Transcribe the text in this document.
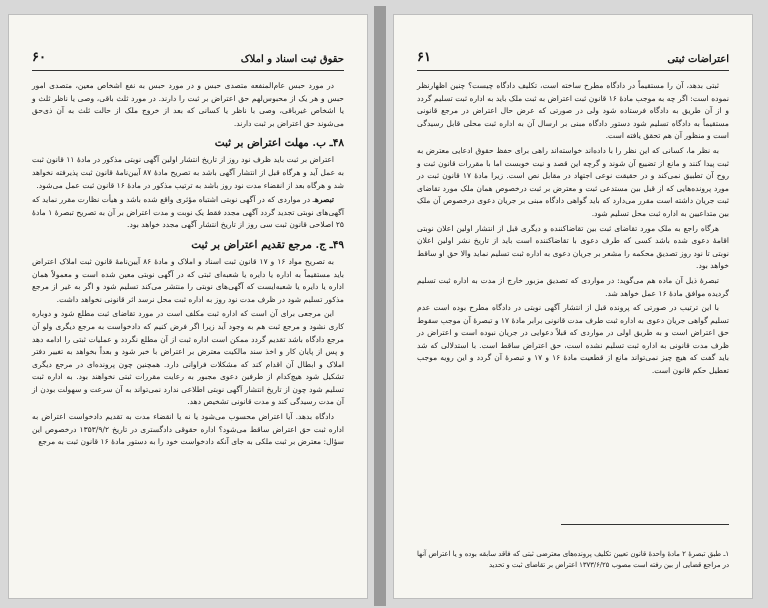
۶۰	حقوق ثبت اسناد و املاک

در مورد حبس عام‌المنفعه متصدی حبس و در مورد حبس به نفع اشخاص معین، متصدی امور حبس و هر یک از محبوس‌لهم حق اعتراض بر ثبت را دارند. در مورد ثلث باقی، وصی یا ناظر ثلث و یا اشخاص غیرباقی، وصی با ناظر یا کسانی که بعد از خروج ملک از حالت ثلث به آن ذی‌حق می‌شوند حق اعتراض بر ثبت دارند.

۴۸ـ ب‌. مهلت اعتراض بر ثبت

اعتراض بر ثبت باید ظرف نود روز از تاریخ انتشار اولین آگهی نوبتی مذکور در مادهٔ ۱۱ قانون ثبت به عمل آید و هرگاه قبل از انتشار آگهی باشد به تصریح مادهٔ ۸۷ آیین‌نامهٔ قانون ثبت پذیرفته نخواهد شد و هرگاه بعد از انقضاء مدت نود روز باشد به ترتیب مذکور در مادهٔ ۱۶ قانون ثبت عمل می‌شود.

تبصرهـ در مواردی که در آگهی نوبتی اشتباه مؤثری واقع شده باشد و هیأت نظارت مقرر نماید که آگهی‌های نوبتی تجدید گردد آگهی مجدد فقط یک نوبت و مدت اعتراض بر آن به تصریح تبصرهٔ ۱ مادهٔ ۲۵ اصلاحی قانون ثبت سی روز از تاریخ انتشار آگهی مجدد خواهد بود.

۴۹ـ ج‌. مرجع تقدیم اعتراض بر ثبت

به تصریح مواد ۱۶ و ۱۷ قانون ثبت اسناد و املاک و مادهٔ ۸۶ آیین‌نامهٔ قانون ثبت املاک اعتراض باید مستقیماً به اداره یا دایره یا شعبه‌ای ثبتی که در آگهی نوبتی معین شده است و معمولاً همان اداره یا دایره یا شعبه‌ایست که آگهی‌های نوبتی را منتشر می‌کند تسلیم شود و اگر به غیر از مرجع مذکور تسلیم شود در ظرف مدت نود روز به اداره ثبت محل نرسد اثر قانونی نخواهد داشت.

این مرجعی برای آن است که اداره ثبت مکلف است در مورد تقاضای ثبت مطلع شود و دوباره کاری نشود و مرجع ثبت هم به وجود آید زیرا اگر فرض کنیم که دادخواست به مرجع دیگری ولو آن مرجع دادگاه باشد تقدیم گردد ممکن است اداره ثبت از آن مطلع نگردد و عملیات ثبتی را ادامه دهد و پس از پایان کار و اخذ سند مالکیت معترض بر اعتراض با خبر شود و بعداً بخواهد به تغییر دفتر املاک و ابطال آن اقدام کند که مشکلات فراوانی دارد. همچنین چون پرونده‌ای در مرجع دیگری تشکیل شود هیچ‌کدام از طرفین دعوی مجبور به رعایت مقررات ثبتی نخواهند بود. به اداره ثبت تسلیم شود چون از تاریخ انتشار آگهی نوبتی اطلاعی ندارد نمی‌تواند به آن سرعت و سهولت بودن از آن مدت رسیدگی کند و مدت قانونی تشخیص دهد.

دادگاه بدهد. آیا اعتراض محسوب می‌شود یا نه یا انقضاء مدت به تقدیم دادخواست اعتراض به اداره ثبت حق اعتراض ساقط می‌شود؟ اداره حقوقی دادگستری در تاریخ ۱۳۵۳/۹/۲ درخصوص این سؤال: معترض بر ثبت ملکی به جای آنکه دادخواست خود را به دستور مادهٔ ۱۶ قانون ثبت به مرجع

۶۱	اعتراضات ثبتی

ثبتی بدهد، آن را مستقیماً در دادگاه مطرح ساخته است، تکلیف دادگاه چیست؟ چنین اظهارنظر نموده است: اگر چه به موجب مادهٔ ۱۶ قانون ثبت اعتراض به ثبت ملک باید به اداره ثبت تسلیم گردد و از آن طریق به دادگاه فرستاده شود ولی در صورتی که عرض حال اعتراض در مرجع قانونی مستقیماً به دادگاه تسلیم شود دستور دادگاه مبنی بر ارسال آن به اداره ثبت محلی قابل رسیدگی است و منظور آن هم تحقق یافته است.

به نظر ما، کسانی که این نظر را با داده‌اند خواسته‌اند راهی برای حفظ حقوق ادعایی معترض به ثبت پیدا کنند و مانع از تضییع آن شوند و گرچه این قصد و نیت خوبست اما با مقررات قانون ثبت و روح آن تطبیق نمی‌کند و در حقیقت نوعی اجتهاد در مقابل نص است. زیرا مادهٔ ۱۷ قانون ثبت در مورد پرونده‌هایی که از قبل بین مستدعی ثبت و معترض بر ثبت درخصوص همان ملک مورد تقاضای ثبت جریان داشته است مقرر می‌دارد که باید گواهی دادگاه مبنی بر جریان دعوی درخصوص آن ملک بین متداعیین به اداره ثبت محل تسلیم شود.

هرگاه راجع به ملک مورد تقاضای ثبت بین تقاضاکننده و دیگری قبل از انتشار اولین اعلان نوبتی اقامهٔ دعوی شده باشد کسی که طرف دعوی با تقاضاکننده است باید از تاریخ نشر اولین اعلان نوبتی تا نود روز تصدیق محکمه را مشعر بر جریان دعوی به اداره ثبت تسلیم نماید والا حق او ساقط خواهد بود.

تبصرهٔ ذیل آن ماده هم می‌گوید: در مواردی که تصدیق مزبور خارج از مدت به اداره ثبت تسلیم گردیده موافق مادهٔ ۱۶ عمل خواهد شد.

با این ترتیب در صورتی که پرونده قبل از انتشار آگهی نوبتی در دادگاه مطرح بوده است عدم تسلیم گواهی جریان دعوی به اداره ثبت طرف مدت قانونی برابر مادهٔ ۱۷ و تبصرهٔ آن موجب سقوط حق اعتراض است و به طریق اولی در مواردی که قبلاً دعوایی در جریان نبوده است و اعتراض در ظرف مدت قانونی به اداره ثبت تسلیم نشده است، حق اعتراض ساقط است. با استدلالی که شد باید گفت که هیچ چیز نمی‌تواند مانع از قطعیت مادهٔ ۱۶ و ۱۷ و تبصرهٔ آن گردد و این رویه موجب تعطیل حکم قانون است.

۱ـ طبق تبصرهٔ ۲ مادهٔ واحدهٔ قانون تعیین تکلیف پرونده‌های معترضی ثبتی که فاقد سابقه بوده و یا اعتراض آنها در مراجع قضایی از بین رفته است مصوب ۱۳۷۳/۶/۲۵ اعتراض بر تقاضای ثبت و تحدید
